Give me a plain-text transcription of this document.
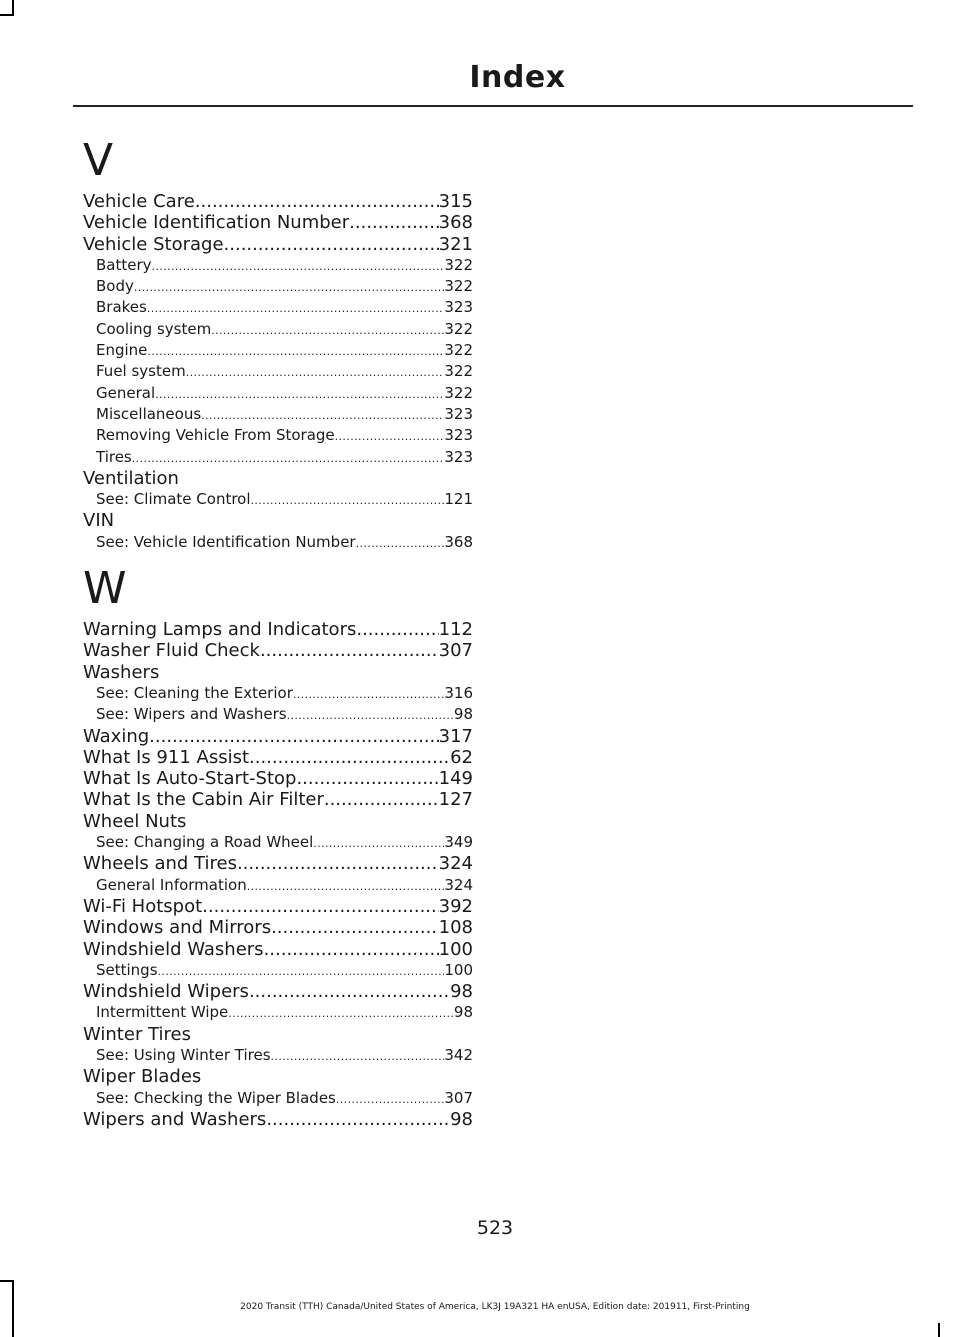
Index
V
Vehicle Care .....	315
Vehicle Identification Number .....	368
Vehicle Storage .....	321
Battery .....	322
Body .....	322
Brakes .....	323
Cooling system .....	322
Engine .....	322
Fuel system .....	322
General .....	322
Miscellaneous .....	323
Removing Vehicle From Storage .....	323
Tires .....	323
Ventilation
See: Climate Control .....	121
VIN
See: Vehicle Identification Number .....	368
W
Warning Lamps and Indicators .....	112
Washer Fluid Check .....	307
Washers
See: Cleaning the Exterior .....	316
See: Wipers and Washers .....	98
Waxing .....	317
What Is 911 Assist .....	62
What Is Auto-Start-Stop .....	149
What Is the Cabin Air Filter .....	127
Wheel Nuts
See: Changing a Road Wheel .....	349
Wheels and Tires .....	324
General Information .....	324
Wi-Fi Hotspot .....	392
Windows and Mirrors .....	108
Windshield Washers .....	100
Settings .....	100
Windshield Wipers .....	98
Intermittent Wipe .....	98
Winter Tires
See: Using Winter Tires .....	342
Wiper Blades
See: Checking the Wiper Blades .....	307
Wipers and Washers .....	98
523
2020 Transit (TTH) Canada/United States of America, LK3J 19A321 HA enUSA, Edition date: 201911, First-Printing
